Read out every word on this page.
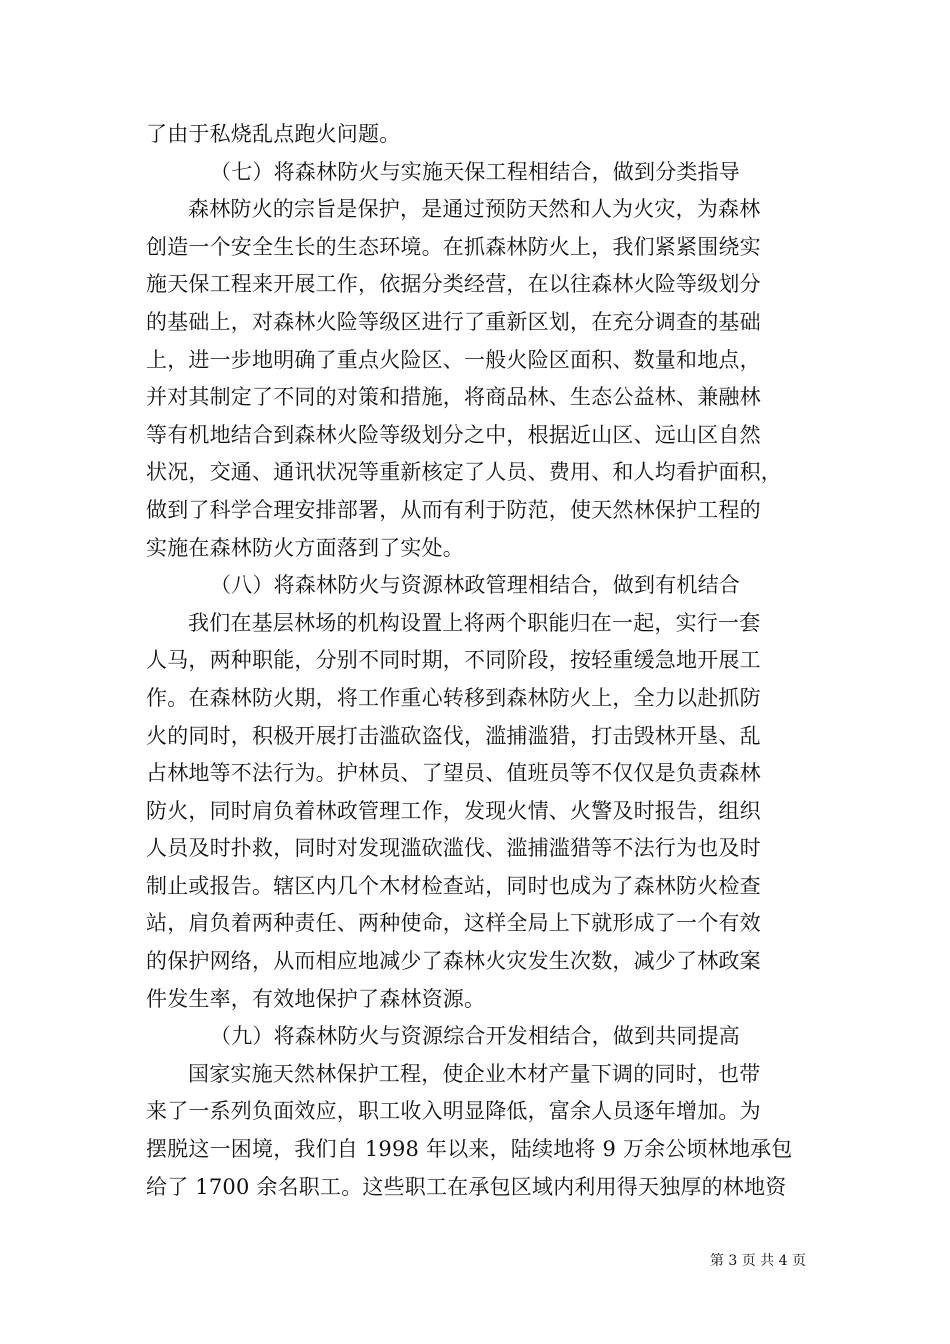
了由于私烧乱点跑火问题。
（七）将森林防火与实施天保工程相结合，做到分类指导
森林防火的宗旨是保护，是通过预防天然和人为火灾，为森林
创造一个安全生长的生态环境。在抓森林防火上，我们紧紧围绕实
施天保工程来开展工作，依据分类经营，在以往森林火险等级划分
的基础上，对森林火险等级区进行了重新区划，在充分调查的基础
上，进一步地明确了重点火险区、一般火险区面积、数量和地点，
并对其制定了不同的对策和措施，将商品林、生态公益林、兼融林
等有机地结合到森林火险等级划分之中，根据近山区、远山区自然
状况，交通、通讯状况等重新核定了人员、费用、和人均看护面积，
做到了科学合理安排部署，从而有利于防范，使天然林保护工程的
实施在森林防火方面落到了实处。
（八）将森林防火与资源林政管理相结合，做到有机结合
我们在基层林场的机构设置上将两个职能归在一起，实行一套
人马，两种职能，分别不同时期，不同阶段，按轻重缓急地开展工
作。在森林防火期，将工作重心转移到森林防火上，全力以赴抓防
火的同时，积极开展打击滥砍盗伐，滥捕滥猎，打击毁林开垦、乱
占林地等不法行为。护林员、了望员、值班员等不仅仅是负责森林
防火，同时肩负着林政管理工作，发现火情、火警及时报告，组织
人员及时扑救，同时对发现滥砍滥伐、滥捕滥猎等不法行为也及时
制止或报告。辖区内几个木材检查站，同时也成为了森林防火检查
站，肩负着两种责任、两种使命，这样全局上下就形成了一个有效
的保护网络，从而相应地减少了森林火灾发生次数，减少了林政案
件发生率，有效地保护了森林资源。
（九）将森林防火与资源综合开发相结合，做到共同提高
国家实施天然林保护工程，使企业木材产量下调的同时，也带
来了一系列负面效应，职工收入明显降低，富余人员逐年增加。为
摆脱这一困境，我们自 1998 年以来，陆续地将 9 万余公顷林地承包
给了 1700 余名职工。这些职工在承包区域内利用得天独厚的林地资
第 3 页 共 4 页
